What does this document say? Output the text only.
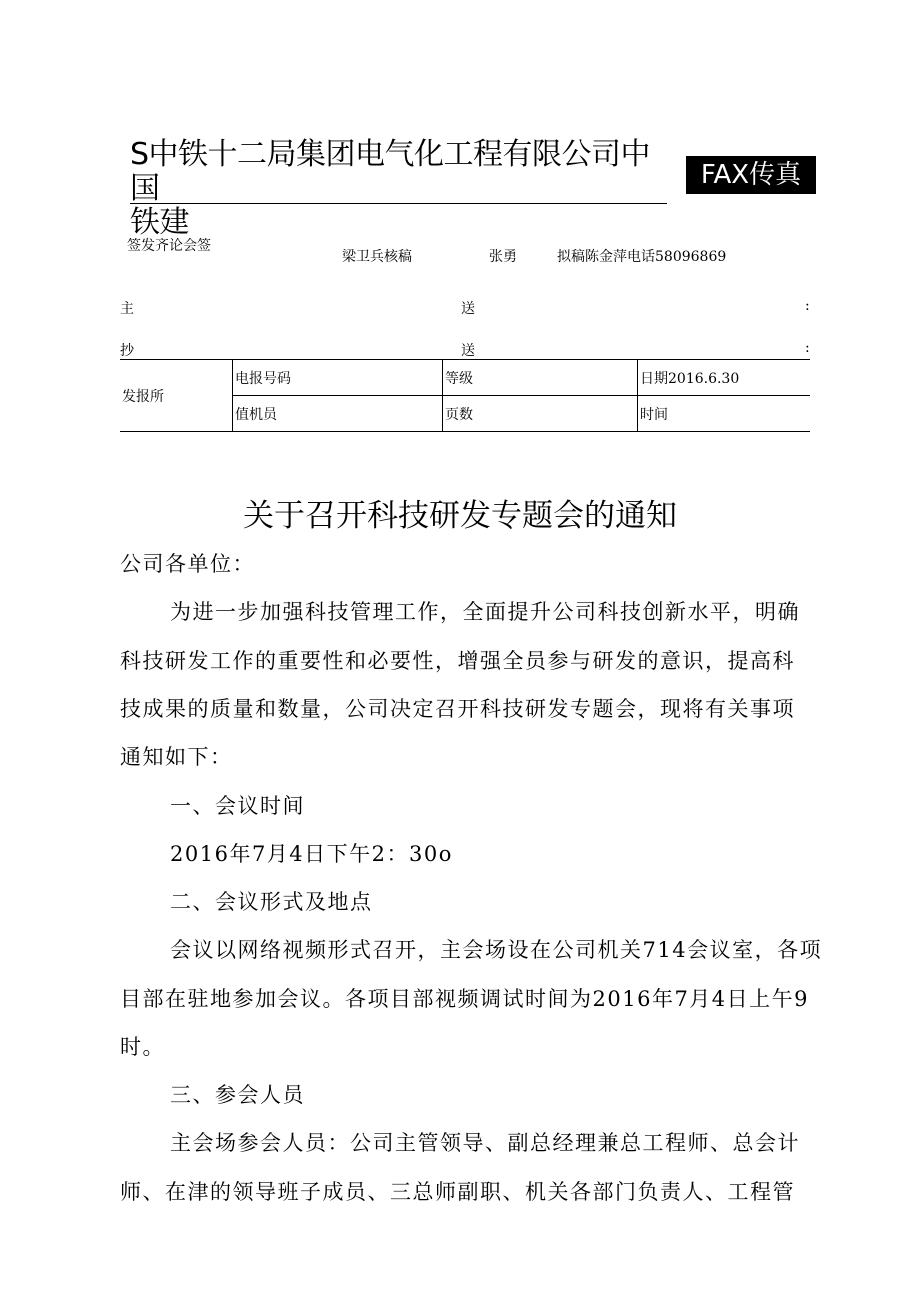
S中铁十二局集团电气化工程有限公司中国
铁建
FAX传真
签发齐论会签
梁卫兵核稿	张勇	拟稿陈金萍电话58096869
主	送	:
抄	送	:
发报所	电报号码	等级	日期2016.6.30
	值机员	页数	时间
关于召开科技研发专题会的通知
公司各单位：
为进一步加强科技管理工作，全面提升公司科技创新水平，明确
科技研发工作的重要性和必要性，增强全员参与研发的意识，提高科
技成果的质量和数量，公司决定召开科技研发专题会，现将有关事项
通知如下：
一、会议时间
2016年7月4日下午2：30o
二、会议形式及地点
会议以网络视频形式召开，主会场设在公司机关714会议室，各项
目部在驻地参加会议。各项目部视频调试时间为2016年7月4日上午9
时。
三、参会人员
主会场参会人员：公司主管领导、副总经理兼总工程师、总会计
师、在津的领导班子成员、三总师副职、机关各部门负责人、工程管
